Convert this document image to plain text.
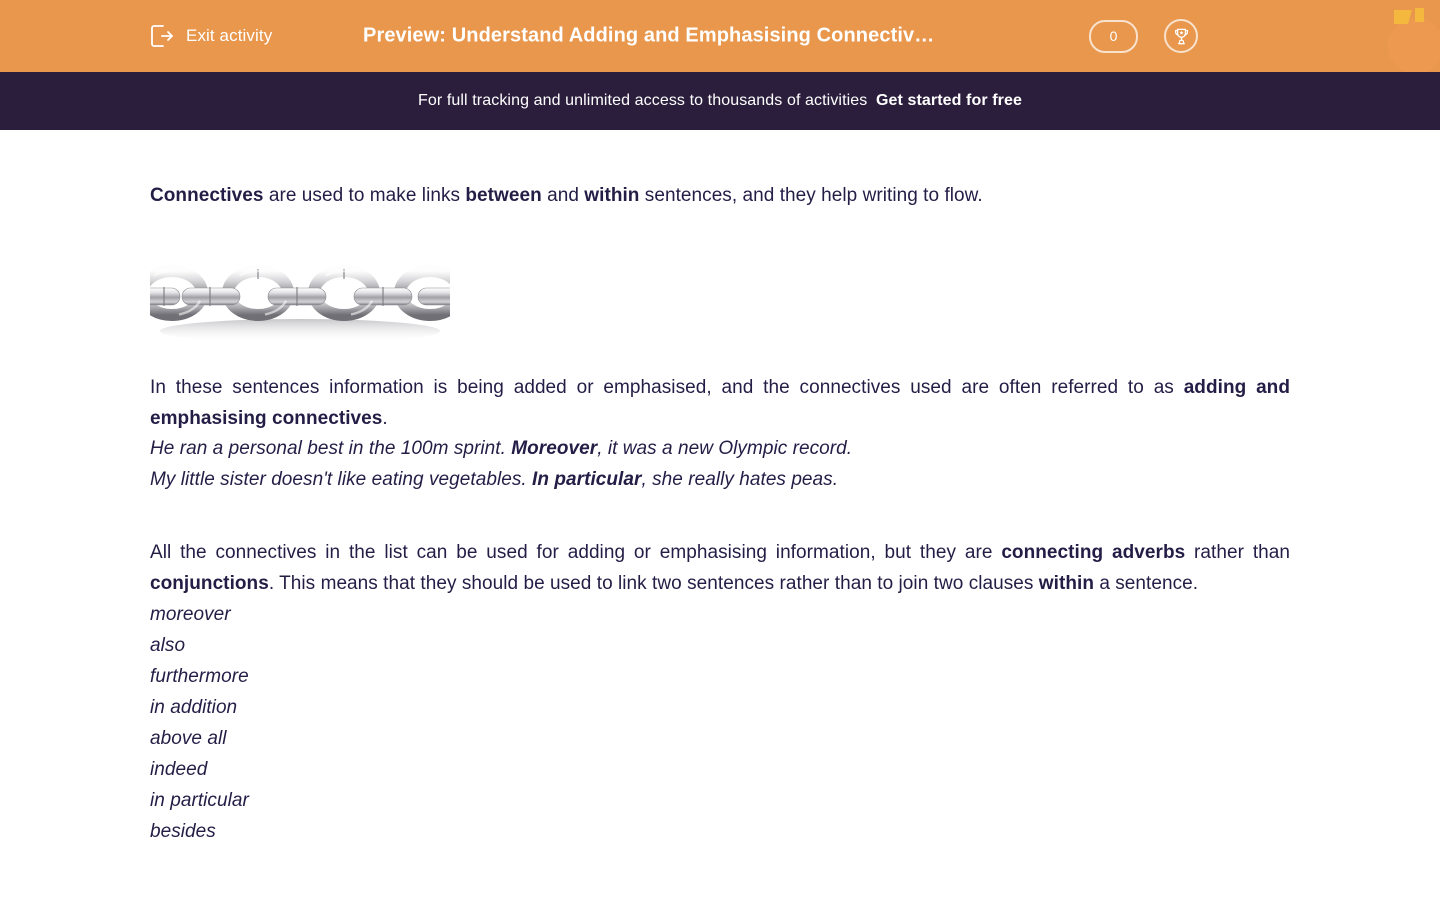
Exit activity	Preview: Understand Adding and Emphasising Connectiv…	0
For full tracking and unlimited access to thousands of activities Get started for free

Connectives are used to make links between and within sentences, and they help writing to flow.

In these sentences information is being added or emphasised, and the connectives used are often referred to as adding and emphasising connectives.

He ran a personal best in the 100m sprint. Moreover, it was a new Olympic record.

My little sister doesn't like eating vegetables. In particular, she really hates peas.

All the connectives in the list can be used for adding or emphasising information, but they are connecting adverbs rather than conjunctions. This means that they should be used to link two sentences rather than to join two clauses within a sentence.

moreover
also
furthermore
in addition
above all
indeed
in particular
besides
